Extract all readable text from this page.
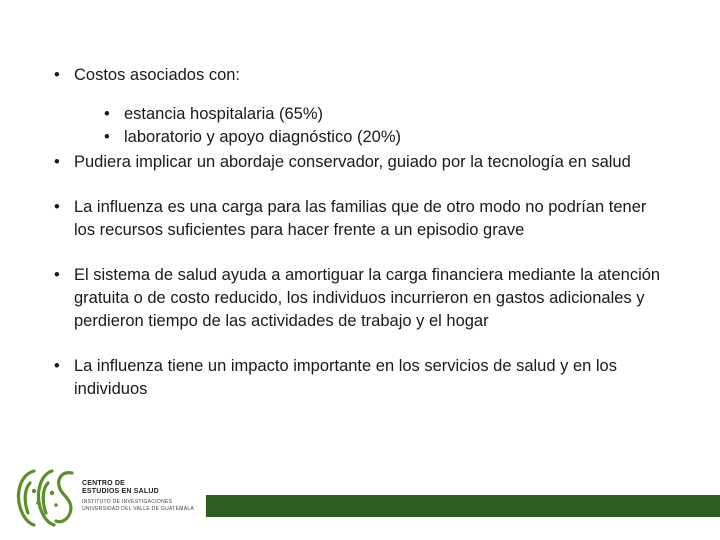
• Costos asociados con:
• estancia hospitalaria (65%)
• laboratorio y apoyo diagnóstico (20%)
• Pudiera implicar un abordaje conservador, guiado por la tecnología en salud
• La influenza es una carga para las familias que de otro modo no podrían tener los recursos suficientes para hacer frente a un episodio grave
• El sistema de salud ayuda a amortiguar la carga financiera mediante la atención gratuita o de costo reducido, los individuos incurrieron en gastos adicionales y perdieron tiempo de las actividades de trabajo y el hogar
• La influenza tiene un impacto importante en los servicios de salud y en los individuos
CENTRO DE
ESTUDIOS EN SALUD
INSTITUTO DE INVESTIGACIONES
UNIVERSIDAD DEL VALLE DE GUATEMALA
